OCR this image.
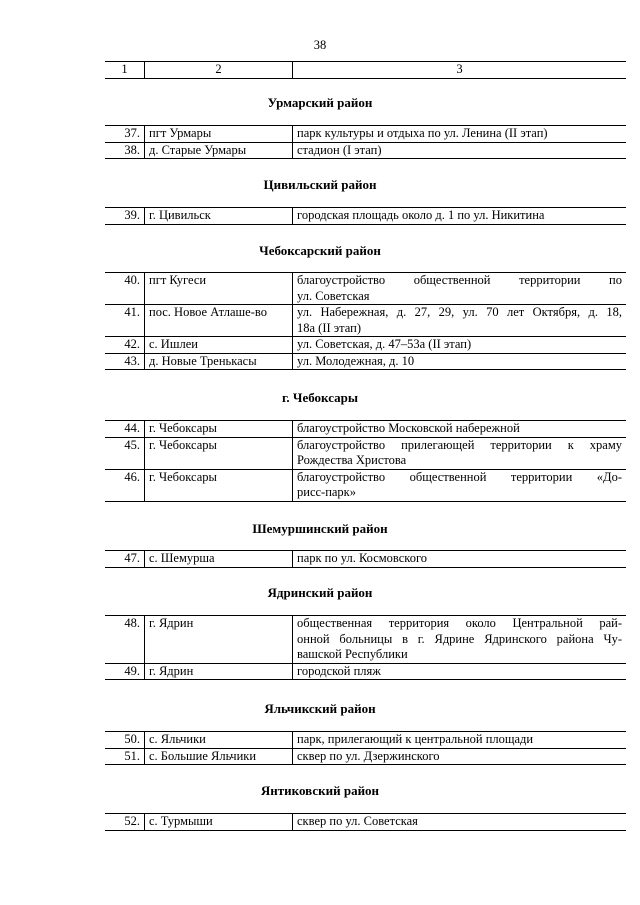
38
1	2	3
Урмарский район
37.	пгт Урмары	парк культуры и отдыха по ул. Ленина (II этап)
38.	д. Старые Урмары	стадион (I этап)
Цивильский район
39.	г. Цивильск	городская площадь около д. 1 по ул. Никитина
Чебоксарский район
40.	пгт Кугеси	благоустройство общественной территории по
ул. Советская

41.	пос. Новое Атлаше-во	ул. Набережная, д. 27, 29, ул. 70 лет Октября, д. 18,
18а (II этап)

42.	с. Ишлеи	ул. Советская, д. 47–53а (II этап)
43.	д. Новые Тренькасы	ул. Молодежная, д. 10
г. Чебоксары
44.	г. Чебоксары	благоустройство Московской набережной
45.	г. Чебоксары	благоустройство прилегающей территории к храму
Рождества Христова

46.	г. Чебоксары	благоустройство общественной территории «До-
рисс-парк»
Шемуршинский район
47.	с. Шемурша	парк по ул. Космовского
Ядринский район
48.	г. Ядрин	общественная территория около Центральной рай-
онной больницы в г. Ядрине Ядринского района Чу-
вашской Республики

49.	г. Ядрин	городской пляж
Яльчикский район
50.	с. Яльчики	парк, прилегающий к центральной площади
51.	с. Большие Яльчики	сквер по ул. Дзержинского
Янтиковский район
52.	с. Турмыши	сквер по ул. Советская
